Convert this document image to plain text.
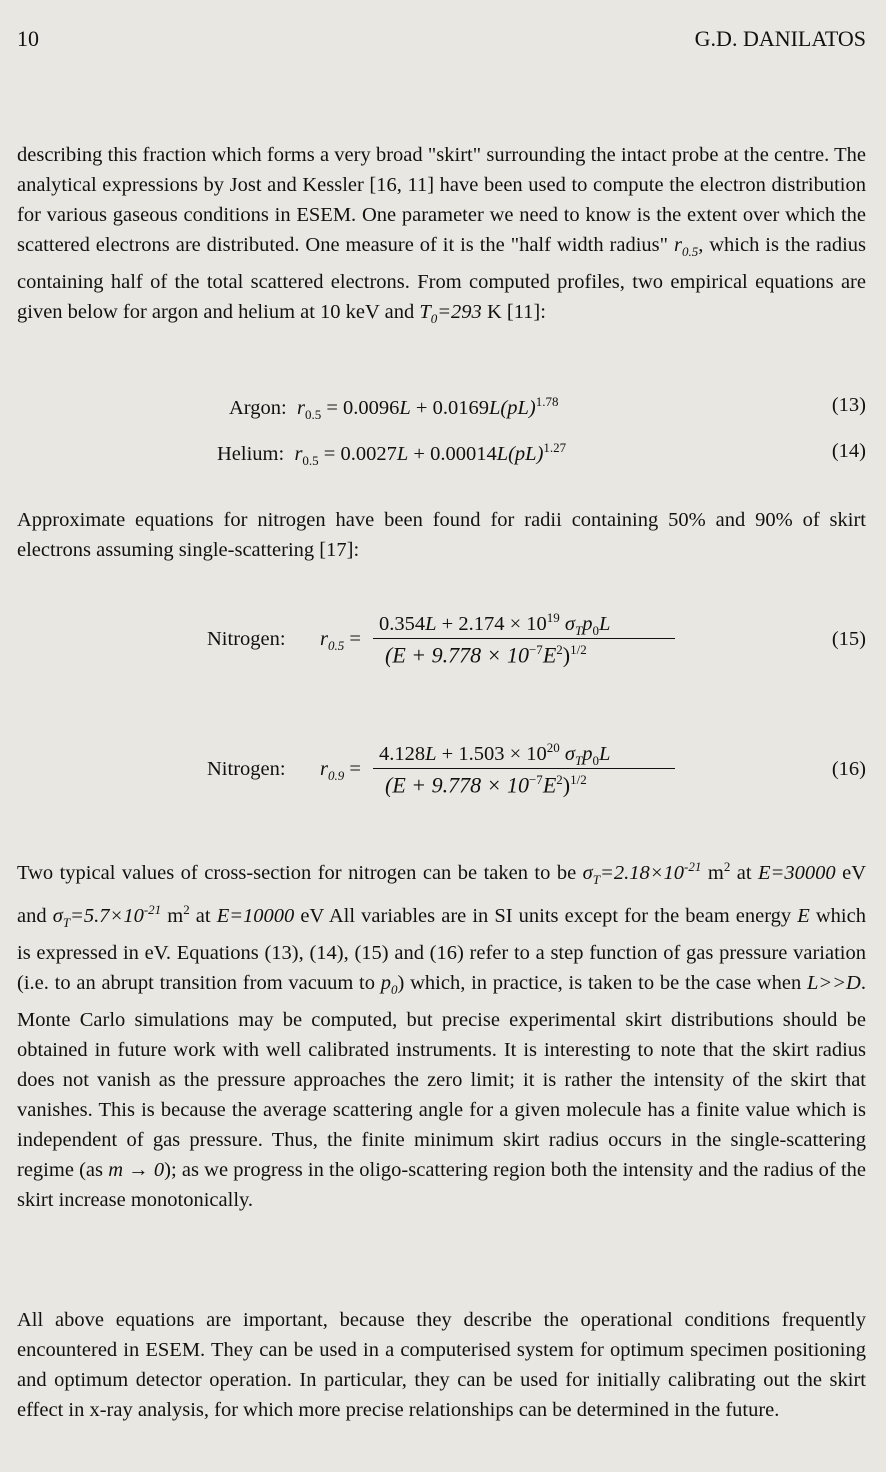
10	G.D. DANILATOS

describing this fraction which forms a very broad "skirt" surrounding the intact probe at the centre. The analytical expressions by Jost and Kessler [16, 11] have been used to compute the electron distribution for various gaseous conditions in ESEM. One parameter we need to know is the extent over which the scattered electrons are distributed. One measure of it is the "half width radius" $r_{0.5}$, which is the radius containing half of the total scattered electrons. From computed profiles, two empirical equations are given below for argon and helium at 10 keV and $T_0=293$ K [11]:

Argon: $r_{0.5} = 0.0096L + 0.0169L(pL)^{1.78}$	(13)
Helium: $r_{0.5} = 0.0027L + 0.00014L(pL)^{1.27}$	(14)

Approximate equations for nitrogen have been found for radii containing 50% and 90% of skirt electrons assuming single-scattering [17]:

Nitrogen: $r_{0.5}$ =
$0.354L + 2.174 \times 10^{19}$ $\sigma_Tp_0L$
$(E + 9.778 \times 10^{-7}E^2)^{1/2}$	(15)
Nitrogen: $r_{0.9}$ =
$4.128L + 1.503 \times 10^{20}$ $\sigma_Tp_0L$
$(E + 9.778 \times 10^{-7}E^2)^{1/2}$	(16)

Two typical values of cross-section for nitrogen can be taken to be $\sigma_T=2.18\times 10^{-21}$ $m^2$ at E=30000 eV and $\sigma_T=5.7\times 10^{-21}$ $m^2$ at E=10000 eV All variables are in SI units except for the beam energy E which is expressed in eV. Equations (13), (14), (15) and (16) refer to a step function of gas pressure variation (i.e. to an abrupt transition from vacuum to $p_0$) which, in practice, is taken to be the case when L>>D. Monte Carlo simulations may be computed, but precise experimental skirt distributions should be obtained in future work with well calibrated instruments. It is interesting to note that the skirt radius does not vanish as the pressure approaches the zero limit; it is rather the intensity of the skirt that vanishes. This is because the average scattering angle for a given molecule has a finite value which is independent of gas pressure. Thus, the finite minimum skirt radius occurs in the single-scattering regime (as m → 0); as we progress in the oligo-scattering region both the intensity and the radius of the skirt increase monotonically.

All above equations are important, because they describe the operational conditions frequently encountered in ESEM. They can be used in a computerised system for optimum specimen positioning and optimum detector operation. In particular, they can be used for initially calibrating out the skirt effect in x-ray analysis, for which more precise relationships can be determined in the future.
